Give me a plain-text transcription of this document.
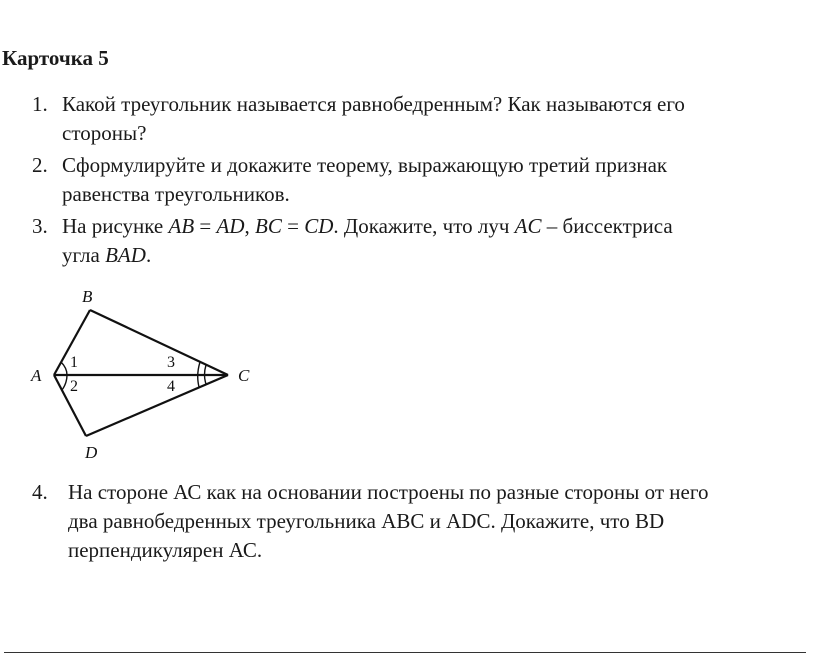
Карточка 5
1. Какой треугольник называется равнобедренным? Как называются его
стороны?
2. Сформулируйте и докажите теорему, выражающую третий признак
равенства треугольников.
3. На рисунке AB = AD, BC = CD. Докажите, что луч AC – биссектриса
угла BAD.
B
A	C
D
1
2
3
4
4. На стороне АС как на основании построены по разные стороны от него
два равнобедренных треугольника АВС и АDС. Докажите, что ВD
перпендикулярен АС.
